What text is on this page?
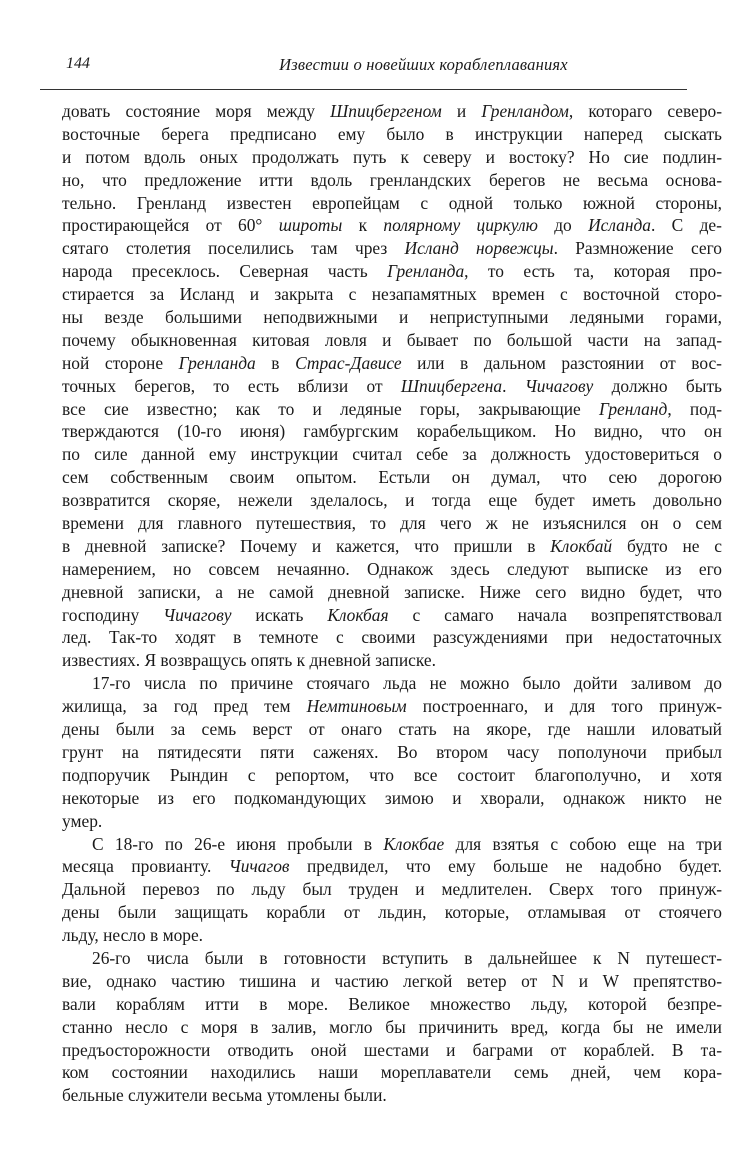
144	Известии о новейших кораблеплаваниях
довать состояние моря между Шпицбергеном и Гренландом, котораго северо-
восточные берега предписано ему было в инструкции наперед сыскать
и потом вдоль оных продолжать путь к северу и востоку? Но сие подлин-
но, что предложение итти вдоль гренландских берегов не весьма основа-
тельно. Гренланд известен европейцам с одной только южной стороны,
простирающейся от 60° широты к полярному циркулю до Исланда. С де-
сятаго столетия поселились там чрез Исланд норвежцы. Размножение сего
народа пресеклось. Северная часть Гренланда, то есть та, которая про-
стирается за Исланд и закрыта с незапамятных времен с восточной сторо-
ны везде большими неподвижными и неприступными ледяными горами,
почему обыкновенная китовая ловля и бывает по большой части на запад-
ной стороне Гренланда в Страс-Дависе или в дальном разстоянии от вос-
точных берегов, то есть вблизи от Шпицбергена. Чичагову должно быть
все сие известно; как то и ледяные горы, закрывающие Гренланд, под-
тверждаются (10-го июня) гамбургским корабельщиком. Но видно, что он
по силе данной ему инструкции считал себе за должность удостовериться о
сем собственным своим опытом. Естьли он думал, что сею дорогою
возвратится скоряе, нежели зделалось, и тогда еще будет иметь довольно
времени для главного путешествия, то для чего ж не изъяснился он о сем
в дневной записке? Почему и кажется, что пришли в Клокбай будто не с
намерением, но совсем нечаянно. Однакож здесь следуют выписке из его
дневной записки, а не самой дневной записке. Ниже сего видно будет, что
господину Чичагову искать Клокбая с самаго начала возпрепятствовал
лед. Так-то ходят в темноте с своими разсуждениями при недостаточных
известиях. Я возвращусь опять к дневной записке.
17-го числа по причине стоячаго льда не можно было дойти заливом до
жилища, за год пред тем Немтиновым построеннаго, и для того принуж-
дены были за семь верст от онаго стать на якоре, где нашли иловатый
грунт на пятидесяти пяти саженях. Во втором часу пополуночи прибыл
подпоручик Рындин с репортом, что все состоит благополучно, и хотя
некоторые из его подкомандующих зимою и хворали, однакож никто не
умер.
С 18-го по 26-е июня пробыли в Клокбае для взятья с собою еще на три
месяца провианту. Чичагов предвидел, что ему больше не надобно будет.
Дальной перевоз по льду был труден и медлителен. Сверх того принуж-
дены были защищать корабли от льдин, которые, отламывая от стоячего
льду, несло в море.
26-го числа были в готовности вступить в дальнейшее к N путешест-
вие, однако частию тишина и частию легкой ветер от N и W препятство-
вали кораблям итти в море. Великое множество льду, которой безпре-
станно несло с моря в залив, могло бы причинить вред, когда бы не имели
предъосторожности отводить оной шестами и баграми от кораблей. В та-
ком состоянии находились наши мореплаватели семь дней, чем кора-
бельные служители весьма утомлены были.
